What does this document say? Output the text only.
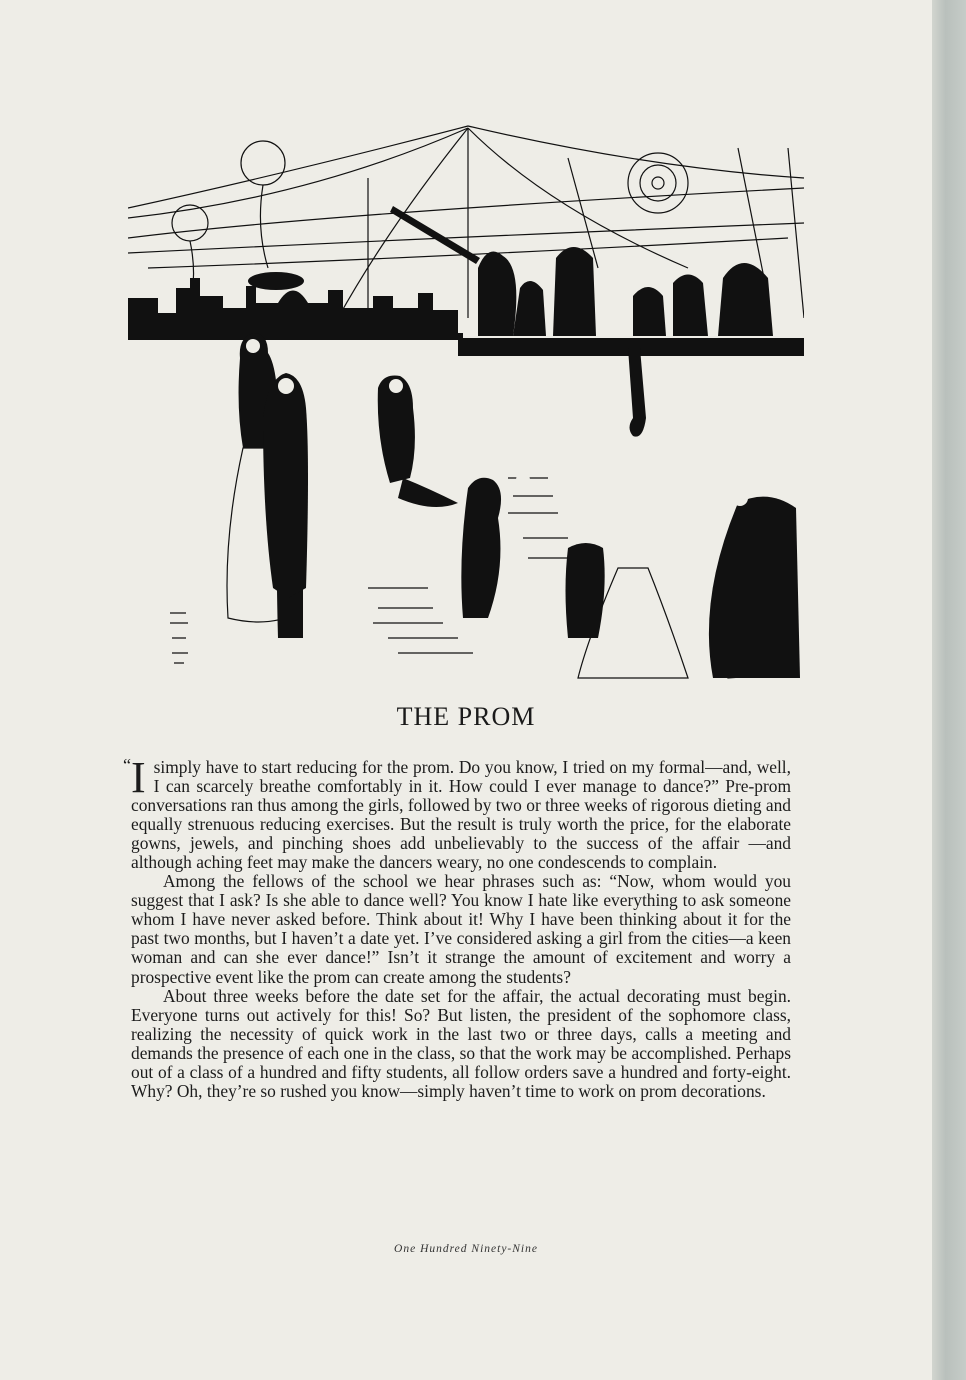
THE PROM

“ I simply have to start reducing for the prom. Do you know, I tried on my formal—and, well, I can scarcely breathe comfortably in it. How could I ever manage to dance?” Pre-prom conversations ran thus among the girls, followed by two or three weeks of rigorous dieting and equally strenuous reducing exercises. But the result is truly worth the price, for the elaborate gowns, jewels, and pinching shoes add unbelievably to the success of the affair —and although aching feet may make the dancers weary, no one condescends to complain.

Among the fellows of the school we hear phrases such as: “Now, whom would you suggest that I ask? Is she able to dance well? You know I hate like everything to ask someone whom I have never asked before. Think about it! Why I have been thinking about it for the past two months, but I haven’t a date yet. I’ve considered asking a girl from the cities—a keen woman and can she ever dance!” Isn’t it strange the amount of excitement and worry a prospective event like the prom can create among the students?

About three weeks before the date set for the affair, the actual decorating must begin. Everyone turns out actively for this! So? But listen, the president of the sophomore class, realizing the necessity of quick work in the last two or three days, calls a meeting and demands the presence of each one in the class, so that the work may be accomplished. Perhaps out of a class of a hundred and fifty students, all follow orders save a hundred and forty-eight. Why? Oh, they’re so rushed you know—simply haven’t time to work on prom decorations.

One Hundred Ninety-Nine
